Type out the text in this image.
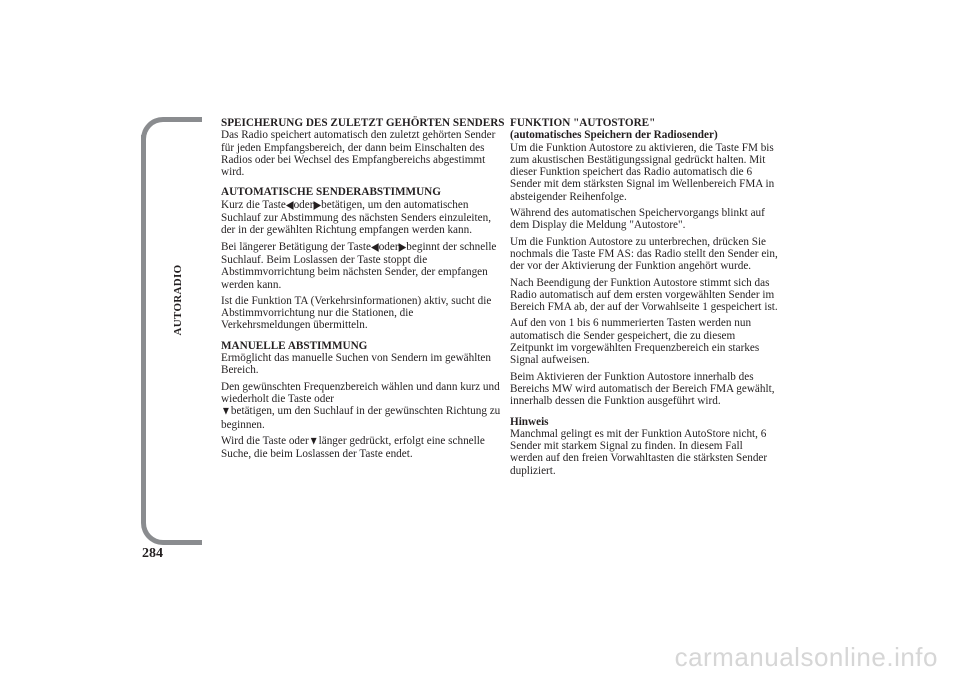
AUTORADIO
284

SPEICHERUNG DES ZULETZT GEHÖRTEN SENDERS

Das Radio speichert automatisch den zuletzt gehörten Sender für jeden Empfangsbereich, der dann beim Einschalten des Radios oder bei Wechsel des Empfangbereichs abgestimmt wird.

AUTOMATISCHE SENDERABSTIMMUNG

Kurz die Taste◀oder▶betätigen, um den automatischen Suchlauf zur Abstimmung des nächsten Senders einzuleiten, der in der gewählten Richtung empfangen werden kann.

Bei längerer Betätigung der Taste◀oder▶beginnt der schnelle Suchlauf. Beim Loslassen der Taste stoppt die Abstimmvorrichtung beim nächsten Sender, der empfangen werden kann.

Ist die Funktion TA (Verkehrsinformationen) aktiv, sucht die Abstimmvorrichtung nur die Stationen, die Verkehrsmeldungen übermitteln.

MANUELLE ABSTIMMUNG

Ermöglicht das manuelle Suchen von Sendern im gewählten Bereich.

Den gewünschten Frequenzbereich wählen und dann kurz und wiederholt die Taste oder
▼betätigen, um den Suchlauf in der gewünschten Richtung zu beginnen.

Wird die Taste oder▼länger gedrückt, erfolgt eine schnelle Suche, die beim Loslassen der Taste endet.

FUNKTION "AUTOSTORE"

(automatisches Speichern der Radiosender)

Um die Funktion Autostore zu aktivieren, die Taste FM bis zum akustischen Bestätigungssignal gedrückt halten. Mit dieser Funktion speichert das Radio automatisch die 6 Sender mit dem stärksten Signal im Wellenbereich FMA in absteigender Reihenfolge.

Während des automatischen Speichervorgangs blinkt auf dem Display die Meldung "Autostore".

Um die Funktion Autostore zu unterbrechen, drücken Sie nochmals die Taste FM AS: das Radio stellt den Sender ein, der vor der Aktivierung der Funktion angehört wurde.

Nach Beendigung der Funktion Autostore stimmt sich das Radio automatisch auf dem ersten vorgewählten Sender im Bereich FMA ab, der auf der Vorwahlseite 1 gespeichert ist.

Auf den von 1 bis 6 nummerierten Tasten werden nun automatisch die Sender gespeichert, die zu diesem Zeitpunkt im vorgewählten Frequenzbereich ein starkes Signal aufweisen.

Beim Aktivieren der Funktion Autostore innerhalb des Bereichs MW wird automatisch der Bereich FMA gewählt, innerhalb dessen die Funktion ausgeführt wird.

Hinweis

Manchmal gelingt es mit der Funktion AutoStore nicht, 6 Sender mit starkem Signal zu finden. In diesem Fall werden auf den freien Vorwahltasten die stärksten Sender dupliziert.

carmanualsonline.info
